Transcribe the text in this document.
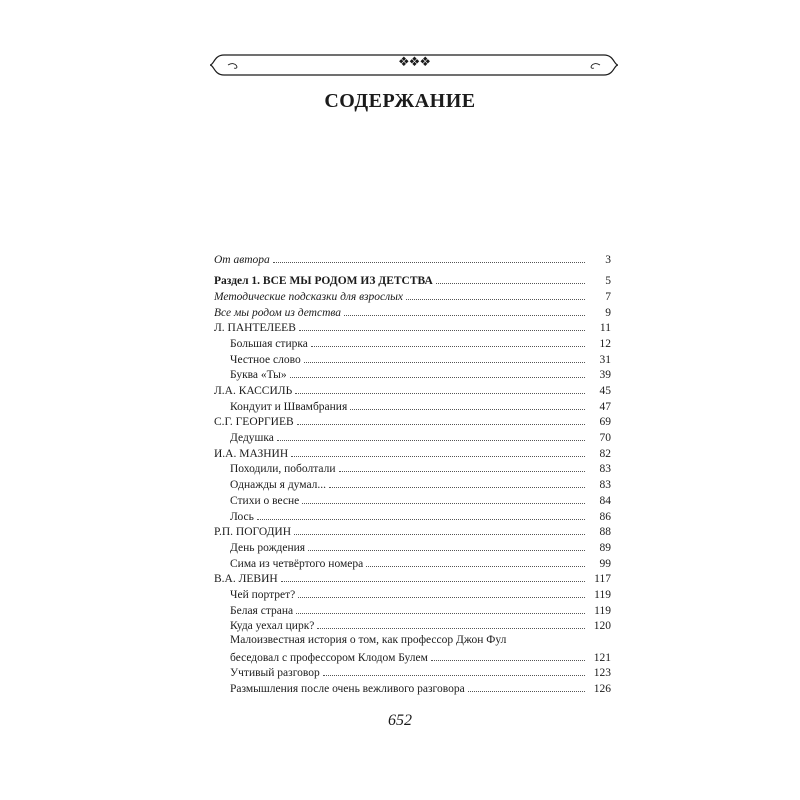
❖❖❖
СОДЕРЖАНИЕ
От автора	3
Раздел 1. ВСЕ МЫ РОДОМ ИЗ ДЕТСТВА	5
Методические подсказки для взрослых	7
Все мы родом из детства	9
Л. ПАНТЕЛЕЕВ	11
Большая стирка	12
Честное слово	31
Буква «Ты»	39
Л.А. КАССИЛЬ	45
Кондуит и Швамбрания	47
С.Г. ГЕОРГИЕВ	69
Дедушка	70
И.А. МАЗНИН	82
Походили, поболтали	83
Однажды я думал...	83
Стихи о весне	84
Лось	86
Р.П. ПОГОДИН	88
День рождения	89
Сима из четвёртого номера	99
В.А. ЛЕВИН	117
Чей портрет?	119
Белая страна	119
Куда уехал цирк?	120
Малоизвестная история о том, как профессор Джон Фул
беседовал с профессором Клодом Булем	121
Учтивый разговор	123
Размышления после очень вежливого разговора	126
652
